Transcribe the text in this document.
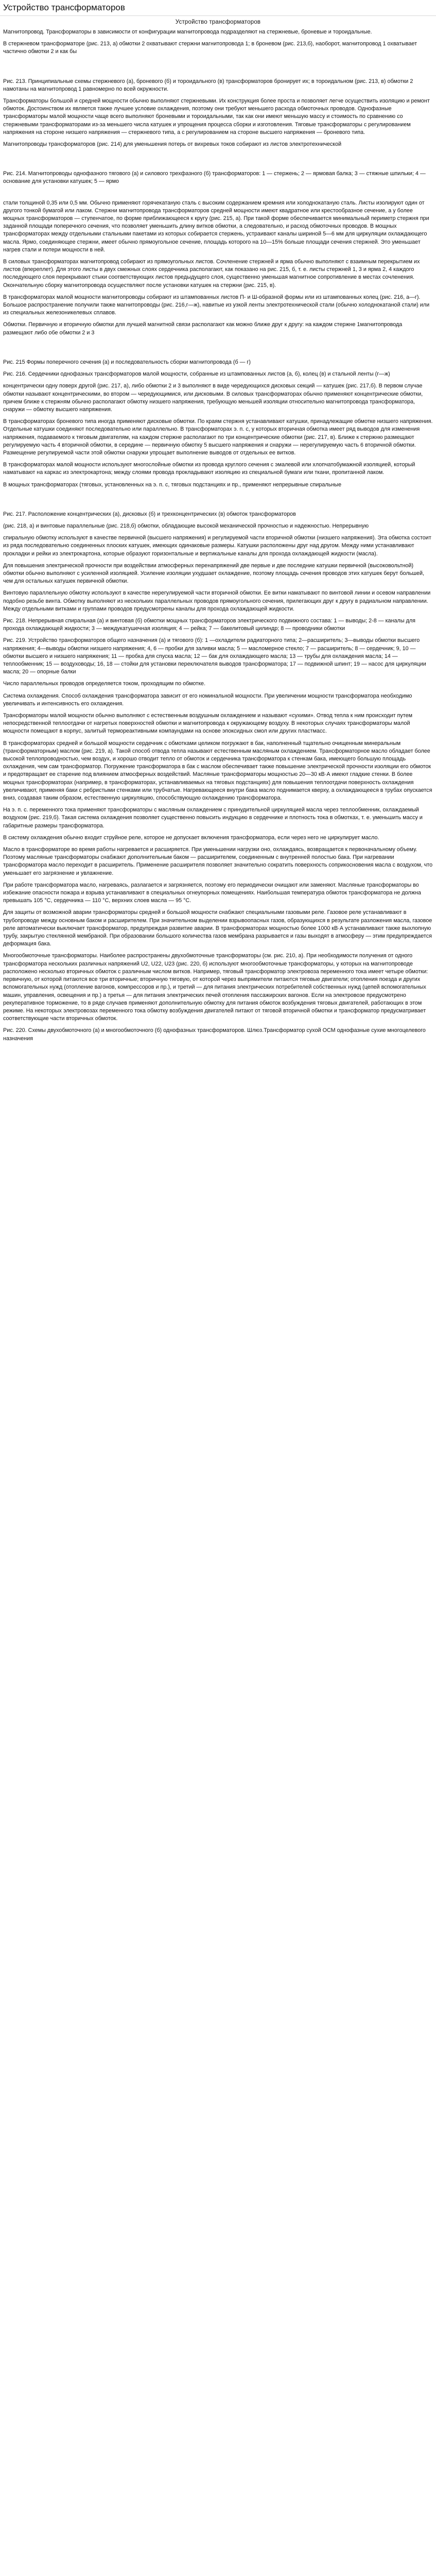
Устройство трансформаторов
Устройство трансформаторов

Магнитопровод. Трансформаторы в зависимости от конфигурации магнитопровода подразделяют на стержневые, броневые и тороидальные.

В стержневом трансформаторе (рис. 213, а) обмотки 2 охватывают стержни магнитопровода 1; в броневом (рис. 213,б), наоборот, магнитопровод 1 охватывает частично обмотки 2 и как бы

Рис. 213. Принципиальные схемы стержневого (а), броневого (б) и тороидального (в) трансформаторов бронирует их; в тороидальном (рис. 213, в) обмотки 2 намотаны на магнитопровод 1 равномерно по всей окружности.

Трансформаторы большой и средней мощности обычно выполняют стержневыми. Их конструкция более проста и позволяет легче осуществить изоляцию и ремонт обмоток. Достоинством их является также лучшее условие охлаждения, поэтому они требуют меньшего расхода обмоточных проводов. Однофазные трансформаторы малой мощности чаще всего выполняют броневыми и тороидальными, так как они имеют меньшую массу и стоимость по сравнению со стержневыми трансформаторами из-за меньшего числа катушек и упрощения процесса сборки и изготовления. Тяговые трансформаторы с регулированием напряжения на стороне низшего напряжения — стержневого типа, а с регулированием на стороне высшего напряжения — броневого типа.

Магнитопроводы трансформаторов (рис. 214) для уменьшения потерь от вихревых токов собирают из листов электротехнической

Рис. 214. Магнитопроводы однофазного тягового (а) и силового трехфазного (б) трансформаторов: 1 — стержень; 2 — ярмовая балка; 3 — стяжные шпильки; 4 — основание для установки катушек; 5 — ярмо

стали толщиной 0,35 или 0,5 мм. Обычно применяют горячекатаную сталь с высоким содержанием кремния или холоднокатаную сталь. Листы изолируют один от другого тонкой бумагой или лаком. Стержни магнитопровода трансформаторов средней мощности имеют квадратное или крестообразное сечение, а у более мощных трансформаторов — ступенчатое, по форме приближающееся к кругу (рис. 215, а). При такой форме обеспечивается минимальный периметр стержня при заданной площади поперечного сечения, что позволяет уменьшить длину витков обмотки, а следовательно, и расход обмоточных проводов. В мощных трансформаторах между отдельными стальными пакетами из которых собирается стержень, устраивают каналы шириной 5—6 мм для циркуляции охлаждающего масла. Ярмо, соединяющее стержни, имеет обычно прямоугольное сечение, площадь которого на 10—15% больше площади сечения стержней. Это уменьшает нагрев стали и потери мощности в ней.

В силовых трансформаторах магнитопровод собирают из прямоугольных листов. Сочленение стержней и ярма обычно выполняют с взаимным перекрытием их листов (впереплет). Для этого листы в двух смежных слоях сердечника располагают, как показано на рис. 215, б, т. е. листы стержней 1, 3 и ярма 2, 4 каждого последующего слоя перекрывают стыки соответствующих листов предыдущего слоя, существенно уменьшая магнитное сопротивление в местах сочленения. Окончательную сборку магнитопровода осуществляют после установки катушек на стержни (рис. 215, в).

В трансформаторах малой мощности магнитопроводы собирают из штампованных листов П- и Ш-образной формы или из штампованных колец (рис. 216, а—г). Большое распространение получили также магнитопроводы (рис. 216,г—ж), навитые из узкой ленты электротехнической стали (обычно холоднокатаной стали) или из специальных железоникелевых сплавов.

Обмотки. Первичную и вторичную обмотки для лучшей магнитной связи располагают как можно ближе друг к другу: на каждом стержне 1магнитопровода размещают либо обе обмотки 2 и 3

Рис. 215 Формы поперечного сечения (а) и последовательность сборки магнитопровода (б — г)

Рис. 216. Сердечники однофазных трансформаторов малой мощности, собранные из штампованных листов (а, б), колец (в) и стальной ленты (г—ж)

концентрически одну поверх другой (рис. 217, а), либо обмотки 2 и 3 выполняют в виде чередующихся дисковых секций — катушек (рис. 217,б). В первом случае обмотки называют концентрическими, во втором — чередующимися, или дисковыми. В силовых трансформаторах обычно применяют концентрические обмотки, причем ближе к стержням обычно располагают обмотку низшего напряжения, требующую меньшей изоляции относительно магнитопровода трансформатора, снаружи — обмотку высшего напряжения.

В трансформаторах броневого типа иногда применяют дисковые обмотки. По краям стержня устанавливают катушки, принадлежащие обмотке низшего напряжения. Отдельные катушки соединяют последовательно или параллельно. В трансформаторах э. п. с, у которых вторичная обмотка имеет ряд выводов для изменения напряжения, подаваемого к тяговым двигателям, на каждом стержне располагают по три концентрические обмотки (рис. 217, в). Ближе к стержню размещают регулируемую часть 4 вторичной обмотки, в середине — первичную обмотку 5 высшего напряжения и снаружи — нерегулируемую часть 6 вторичной обмотки. Размещение регулируемой части этой обмотки снаружи упрощает выполнение выводов от отдельных ее витков.

В трансформаторах малой мощности используют многослойные обмотки из провода круглого сечения с эмалевой или хлопчатобумажной изоляцией, который наматывают на каркас из электрокартона; между слоями провода прокладывают изоляцию из специальной бумаги или ткани, пропитанной лаком.

В мощных трансформаторах (тяговых, установленных на э. п. с, тяговых подстанциях и пр., применяют непрерывные спиральные

Рис. 217. Расположение концентрических (а), дисковых (б) и трехконцентрических (в) обмоток трансформаторов

(рис. 218, а) и винтовые параллельные (рис. 218,б) обмотки, обладающие высокой механической прочностью и надежностью. Непрерывную

спиральную обмотку используют в качестве первичной (высшего напряжения) и регулируемой части вторичной обмотки (низшего напряжения). Эта обмотка состоит из ряда последовательно соединенных плоских катушек, имеющих одинаковые размеры. Катушки расположены друг над другом. Между ними устанавливают прокладки и рейки из электрокартона, которые образуют горизонтальные и вертикальные каналы для прохода охлаждающей жидкости (масла).

Для повышения электрической прочности при воздействии атмосферных перенапряжений две первые и две последние катушки первичной (высоковольтной) обмотки обычно выполняют с усиленной изоляцией. Усиление изоляции ухудшает охлаждение, поэтому площадь сечения проводов этих катушек берут большей, чем для остальных катушек первичной обмотки.

Винтовую параллельную обмотку используют в качестве нерегулируемой части вторичной обмотки. Ее витки наматывают по винтовой линии и осевом направлении подобно резьбе винта. Обмотку выполняют из нескольких параллельных проводов прямоугольного сечения, прилегающих друг к другу в радиальном направлении. Между отдельными витками и группами проводов предусмотрены каналы для прохода охлаждающей жидкости.

Рис. 218. Непрерывная спиральная (а) и винтовая (б) обмотки мощных трансформаторов электрического подвижного состава: 1 — выводы; 2-8 — каналы для прохода охлаждающей жидкости; 3 — междукатушечная изоляция; 4 — рейка; 7 — бакелитовый цилиндр; 8 — проводники обмотки

Рис. 219. Устройство трансформаторов общего назначения (а) и тягового (б): 1 —охладители радиаторного типа; 2—расширитель; 3—выводы обмотки высшего напряжения; 4—выводы обмотки низшего напряжения; 4, 6 — пробки для заливки масла; 5 — масломерное стекло; 7 — расширитель; 8 — сердечник; 9, 10 — обмотки высшего и низшего напряжения; 11 — пробка для спуска масла; 12 — бак для охлаждающего масла; 13 — трубы для охлаждения масла; 14 — теплообменник; 15 — воздуховоды; 16, 18 — стойки для установки переключателя выводов трансформатора; 17 — подвижной шпинт; 19 — насос для циркуляции масла; 20 — опорные балки

Число параллельных проводов определяется током, проходящим по обмотке.

Система охлаждения. Способ охлаждения трансформатора зависит от его номинальной мощности. При увеличении мощности трансформатора необходимо увеличивать и интенсивность его охлаждения.

Трансформаторы малой мощности обычно выполняют с естественным воздушным охлаждением и называют «сухими». Отвод тепла к ним происходит путем непосредственной теплоотдачи от нагретых поверхностей обмотки и магнитопровода к окружающему воздуху. В некоторых случаях трансформаторы малой мощности помещают в корпус, залитый термореактивными компаундами на основе эпоксидных смол или других пластмасс.

В трансформаторах средней и большой мощности сердечник с обмотками целиком погружают в бак, наполненный тщательно очищенным минеральным (трансформаторным) маслом (рис. 219, а). Такой способ отвода тепла называют естественным масляным охлаждением. Трансформаторное масло обладает более высокой теплопроводностью, чем воздух, и хорошо отводит тепло от обмоток и сердечника трансформатора к стенкам бака, имеющего большую площадь охлаждения, чем сам трансформатор. Погружение трансформатора в бак с маслом обеспечивает также повышение электрической прочности изоляции его обмоток и предотвращает ее старение под влиянием атмосферных воздействий. Масляные трансформаторы мощностью 20—30 кВ·А имеют гладкие стенки. В более мощных трансформаторах (например, в трансформаторах, устанавливаемых на тяговых подстанциях) для повышения теплоотдачи поверхность охлаждения увеличивают, применяя баки с ребристыми стенками или трубчатые. Нагревающееся внутри бака масло поднимается кверху, а охлаждающееся в трубах опускается вниз, создавая таким образом, естественную циркуляцию, способствующую охлаждению трансформатора.

На э. п. с. переменного тока применяют трансформаторы с масляным охлаждением с принудительной циркуляцией масла через теплообменник, охлаждаемый воздухом (рис. 219,б). Такая система охлаждения позволяет существенно повысить индукцию в сердечнике и плотность тока в обмотках, т. е. уменьшить массу и габаритные размеры трансформатора.

В систему охлаждения обычно входит струйное реле, которое не допускает включения трансформатора, если через него не циркулирует масло.

Масло в трансформаторе во время работы нагревается и расширяется. При уменьшении нагрузки оно, охлаждаясь, возвращается к первоначальному объему. Поэтому масляные трансформаторы снабжают дополнительным баком — расширителем, соединенным с внутренней полостью бака. При нагревании трансформатора масло переходит в расширитель. Применение расширителя позволяет значительно сократить поверхность соприкосновения масла с воздухом, что уменьшает его загрязнение и увлажнение.

При работе трансформатора масло, нагреваясь, разлагается и загрязняется, поэтому его периодически очищают или заменяют. Масляные трансформаторы во избежание опасности пожара и взрыва устанавливают в специальных огнеупорных помещениях. Наибольшая температура обмоток трансформатора не должна превышать 105 °С, сердечника — 110 °С, верхних слоев масла — 95 °С.

Для защиты от возможной аварии трансформаторы средней и большой мощности снабжают специальными газовыми реле. Газовое реле устанавливают в трубопроводе между основным баком и расширителем. При значительном выделении взрывоопасных газов, образующихся в результате разложения масла, газовое реле автоматически выключает трансформатор, предупреждая развитие аварии. В трансформаторах мощностью более 1000 кВ·А устанавливают также выхлопную трубу, закрытую стеклянной мембраной. При образовании большого количества газов мембрана разрывается и газы выходят в атмосферу — этим предупреждается деформация бака.

Многообмоточные трансформаторы. Наиболее распространены двухобмоточные трансформаторы (см. рис. 210, а). При необходимости получения от одного трансформатора нескольких различных напряжений U2, U22, U23 (рис. 220, б) используют многообмоточные трансформаторы, у которых на магнитопроводе расположено несколько вторичных обмоток с различным числом витков. Например, тяговый трансформатор электровоза переменного тока имеет четыре обмотки: первичную, от которой питаются все три вторичные; вторичную тяговую, от которой через выпрямители питаются тяговые двигатели; отопления поезда и других вспомогательных нужд (отопление вагонов, компрессоров и пр.), и третий — для питания электрических потребителей собственных нужд (цепей вспомогательных машин, управления, освещения и пр.) а третья — для питания электрических печей отопления пассажирских вагонов. Если на электровозе предусмотрено рекуперативное торможение, то в ряде случаев применяют дополнительную обмотку для питания обмоток возбуждения тяговых двигателей, работающих в этом режиме. На некоторых электровозах переменного тока обмотку возбуждения двигателей питают от тяговой вторичной обмотки и трансформатор предусматривает соответствующие части вторичных обмоток.

Рис. 220. Схемы двухобмоточного (а) и многообмоточного (б) однофазных трансформаторов. Шлюз.Трансформатор сухой ОСМ однофазные сухие многоцелевого назначения
